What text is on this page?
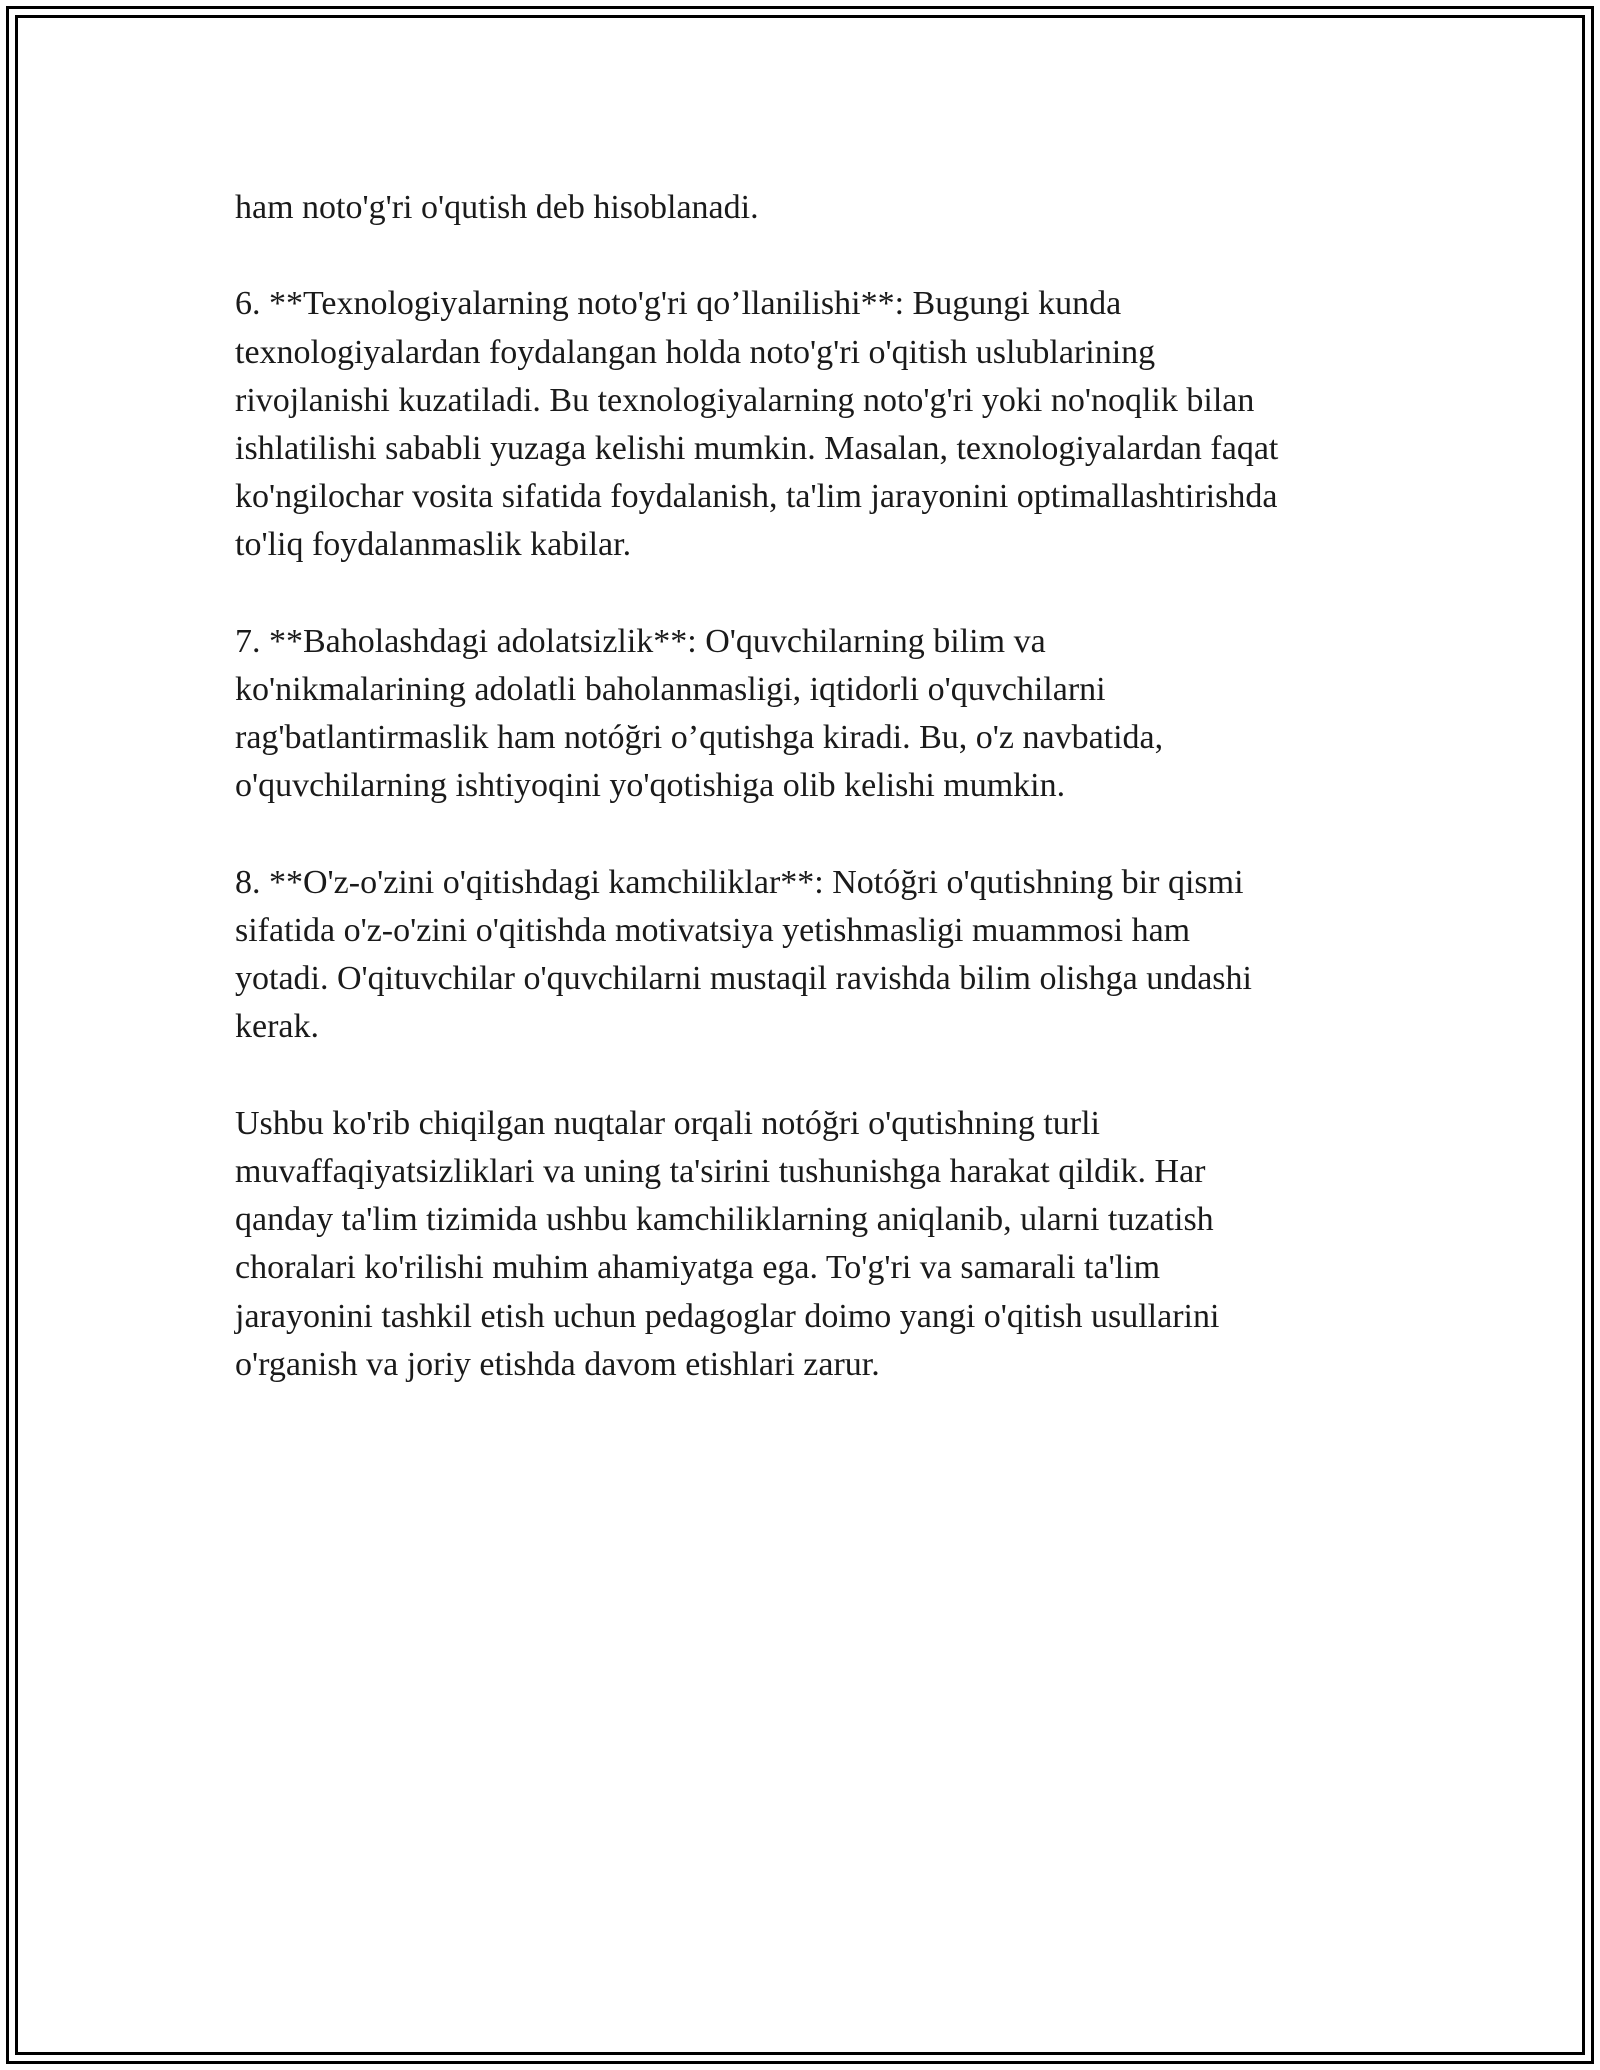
ham noto'g'ri o'qutish deb hisoblanadi.

6. **Texnologiyalarning noto'g'ri qo’llanilishi**: Bugungi kunda
texnologiyalardan foydalangan holda noto'g'ri o'qitish uslublarining
rivojlanishi kuzatiladi. Bu texnologiyalarning noto'g'ri yoki no'noqlik bilan
ishlatilishi sababli yuzaga kelishi mumkin. Masalan, texnologiyalardan faqat
ko'ngilochar vosita sifatida foydalanish, ta'lim jarayonini optimallashtirishda
to'liq foydalanmaslik kabilar.

7. **Baholashdagi adolatsizlik**: O'quvchilarning bilim va
ko'nikmalarining adolatli baholanmasligi, iqtidorli o'quvchilarni
rag'batlantirmaslik ham notóğri o’qutishga kiradi. Bu, o'z navbatida,
o'quvchilarning ishtiyoqini yo'qotishiga olib kelishi mumkin.

8. **O'z-o'zini o'qitishdagi kamchiliklar**: Notóğri o'qutishning bir qismi
sifatida o'z-o'zini o'qitishda motivatsiya yetishmasligi muammosi ham
yotadi. O'qituvchilar o'quvchilarni mustaqil ravishda bilim olishga undashi
kerak.

Ushbu ko'rib chiqilgan nuqtalar orqali notóğri o'qutishning turli
muvaffaqiyatsizliklari va uning ta'sirini tushunishga harakat qildik. Har
qanday ta'lim tizimida ushbu kamchiliklarning aniqlanib, ularni tuzatish
choralari ko'rilishi muhim ahamiyatga ega. To'g'ri va samarali ta'lim
jarayonini tashkil etish uchun pedagoglar doimo yangi o'qitish usullarini
o'rganish va joriy etishda davom etishlari zarur.
